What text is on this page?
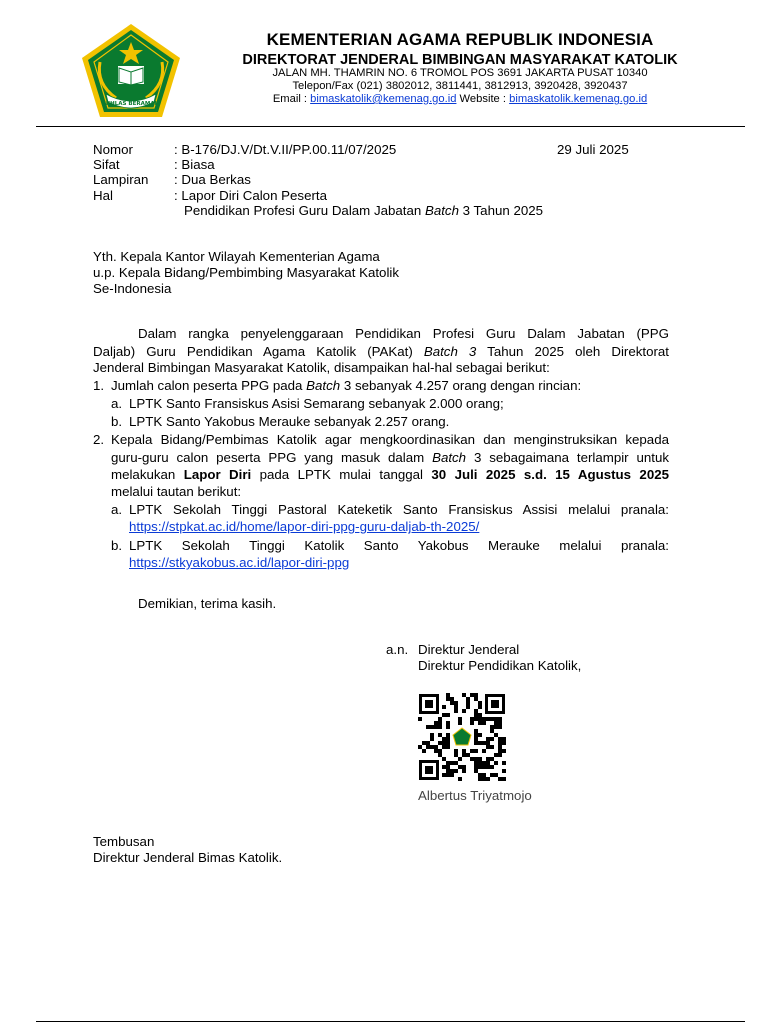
IKHLAS BERAMAL
KEMENTERIAN AGAMA REPUBLIK INDONESIA
DIREKTORAT JENDERAL BIMBINGAN MASYARAKAT KATOLIK
JALAN MH. THAMRIN NO. 6 TROMOL POS 3691 JAKARTA PUSAT 10340
Telepon/Fax (021) 3802012, 3811441, 3812913, 3920428, 3920437
Email : bimaskatolik@kemenag.go.id Website : bimaskatolik.kemenag.go.id
Nomor	: B-176/DJ.V/Dt.V.II/PP.00.11/07/2025	29 Juli 2025
Sifat	: Biasa
Lampiran : Dua Berkas
Hal	: Lapor Diri Calon Peserta
Pendidikan Profesi Guru Dalam Jabatan Batch 3 Tahun 2025
Yth. Kepala Kantor Wilayah Kementerian Agama
u.p. Kepala Bidang/Pembimbing Masyarakat Katolik
Se-Indonesia
Dalam rangka penyelenggaraan Pendidikan Profesi Guru Dalam Jabatan (PPG
Daljab) Guru Pendidikan Agama Katolik (PAKat) Batch 3 Tahun 2025 oleh Direktorat
Jenderal Bimbingan Masyarakat Katolik, disampaikan hal-hal sebagai berikut:
1. Jumlah calon peserta PPG pada Batch 3 sebanyak 4.257 orang dengan rincian:
a. LPTK Santo Fransiskus Asisi Semarang sebanyak 2.000 orang;
b. LPTK Santo Yakobus Merauke sebanyak 2.257 orang.
2. Kepala Bidang/Pembimas Katolik agar mengkoordinasikan dan menginstruksikan kepada
guru-guru calon peserta PPG yang masuk dalam Batch 3 sebagaimana terlampir untuk
melakukan Lapor Diri pada LPTK mulai tanggal 30 Juli 2025 s.d. 15 Agustus 2025
melalui tautan berikut:
a. LPTK Sekolah Tinggi Pastoral Kateketik Santo Fransiskus Assisi melalui pranala:
https://stpkat.ac.id/home/lapor-diri-ppg-guru-daljab-th-2025/
b. LPTK Sekolah Tinggi Katolik Santo Yakobus Merauke melalui pranala:
https://stkyakobus.ac.id/lapor-diri-ppg
Demikian, terima kasih.
a.n. Direktur Jenderal
Direktur Pendidikan Katolik,
Albertus Triyatmojo
Tembusan
Direktur Jenderal Bimas Katolik.
